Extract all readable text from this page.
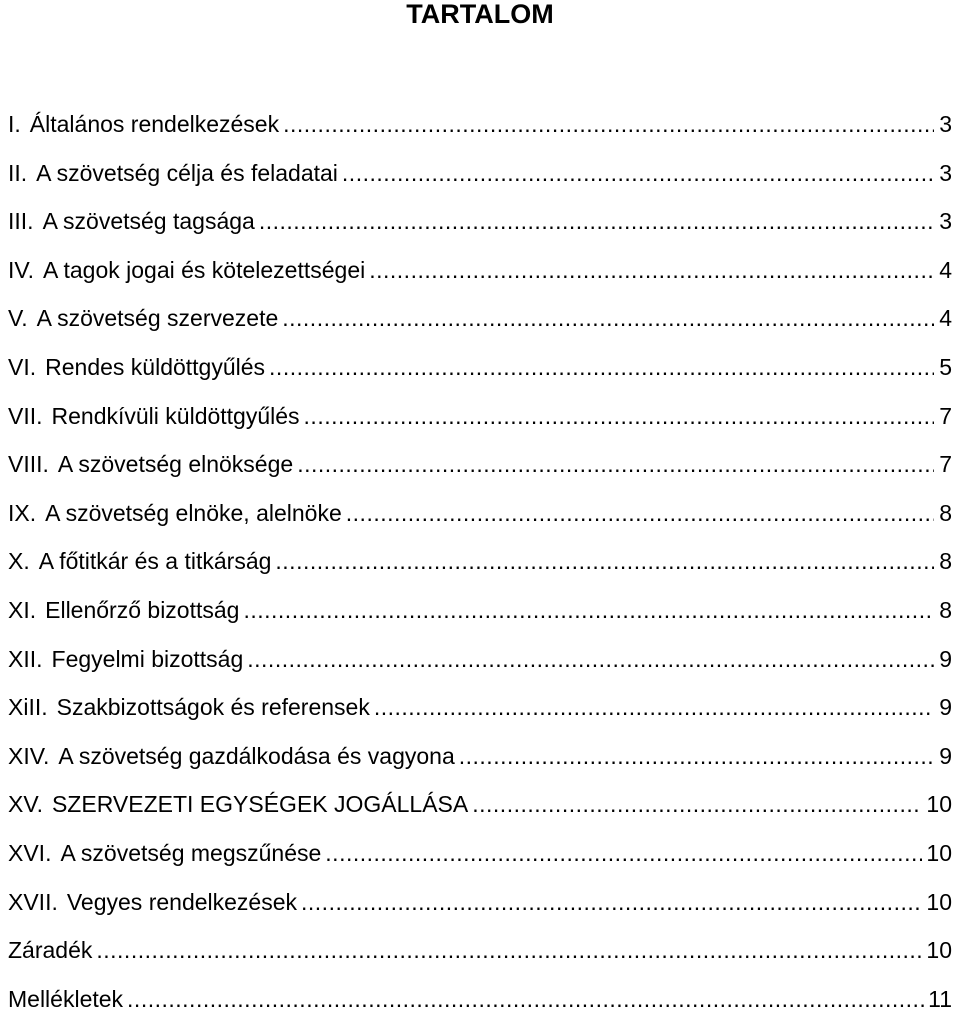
TARTALOM
I. Általános rendelkezések .....	3
II. A szövetség célja és feladatai .....	3
III. A szövetség tagsága .....	3
IV. A tagok jogai és kötelezettségei .....	4
V. A szövetség szervezete .....	4
VI. Rendes küldöttgyűlés .....	5
VII. Rendkívüli küldöttgyűlés .....	7
VIII. A szövetség elnöksége .....	7
IX. A szövetség elnöke, alelnöke .....	8
X. A főtitkár és a titkárság .....	8
XI. Ellenőrző bizottság .....	8
XII. Fegyelmi bizottság .....	9
XiII. Szakbizottságok és referensek .....	9
XIV. A szövetség gazdálkodása és vagyona .....	9
XV. SZERVEZETI EGYSÉGEK JOGÁLLÁSA .....	10
XVI. A szövetség megszűnése .....	10
XVII. Vegyes rendelkezések .....	10
Záradék .....	10
Mellékletek .....	11
